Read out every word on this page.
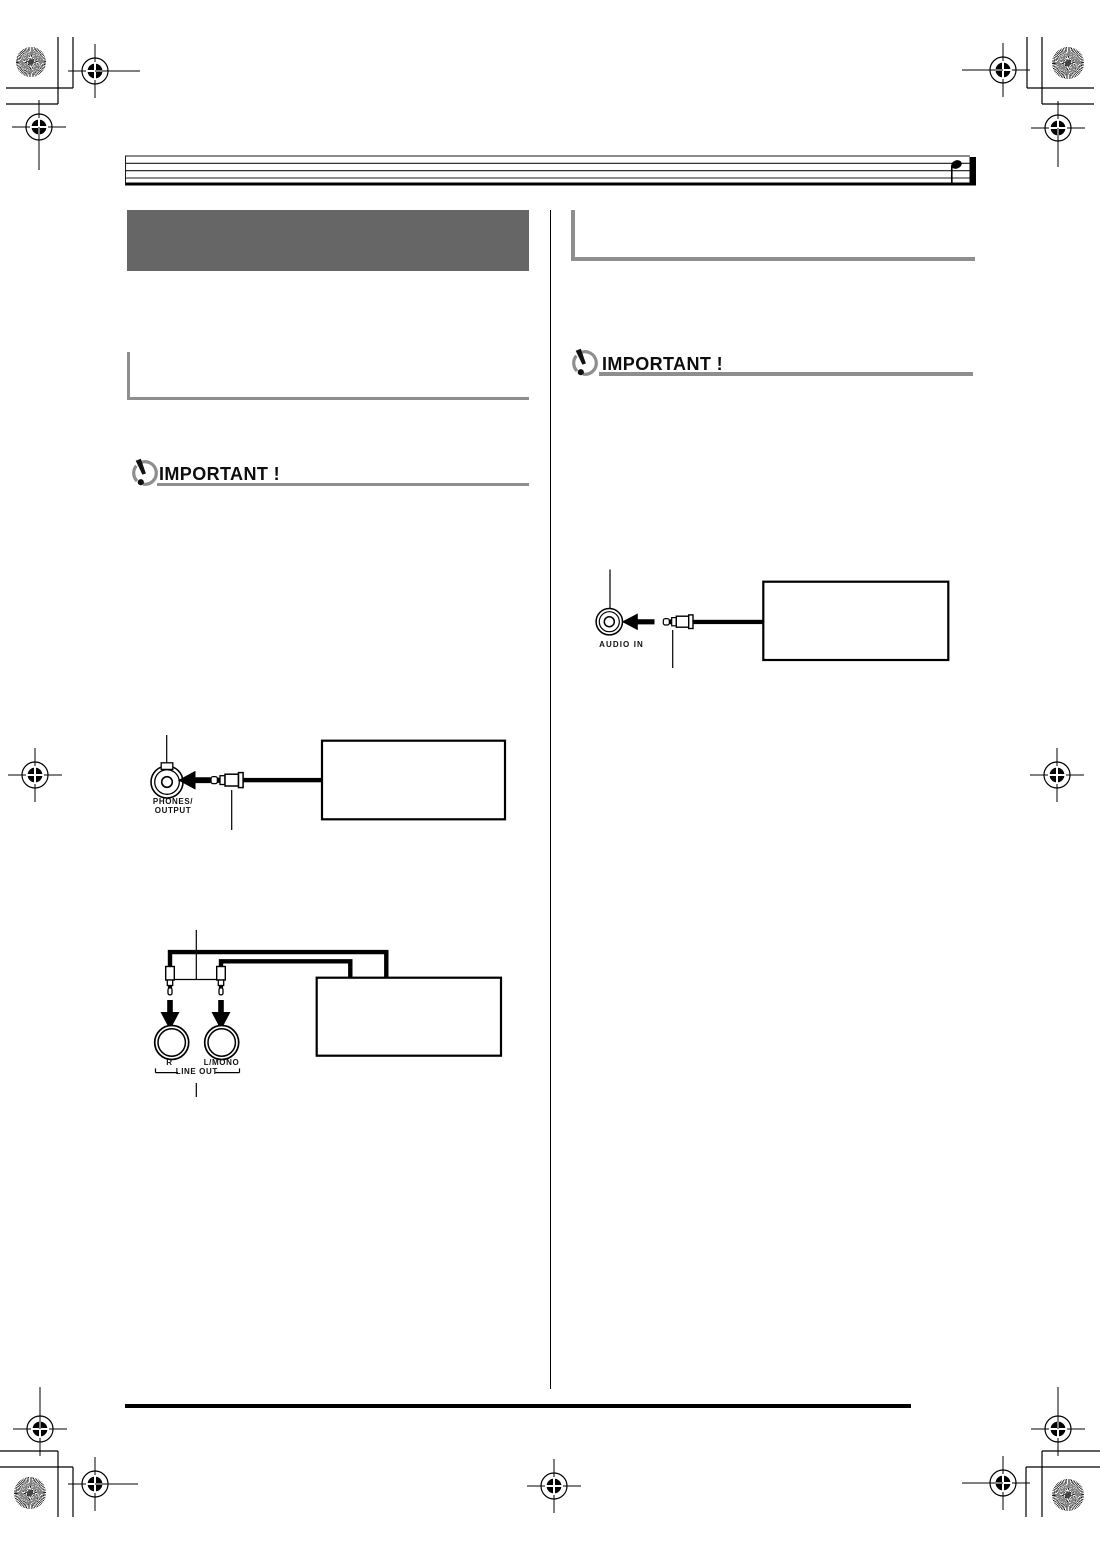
IMPORTANT !
IMPORTANT !
PHONES/
OUTPUT
R	L/MONO
LINE OUT
AUDIO IN
